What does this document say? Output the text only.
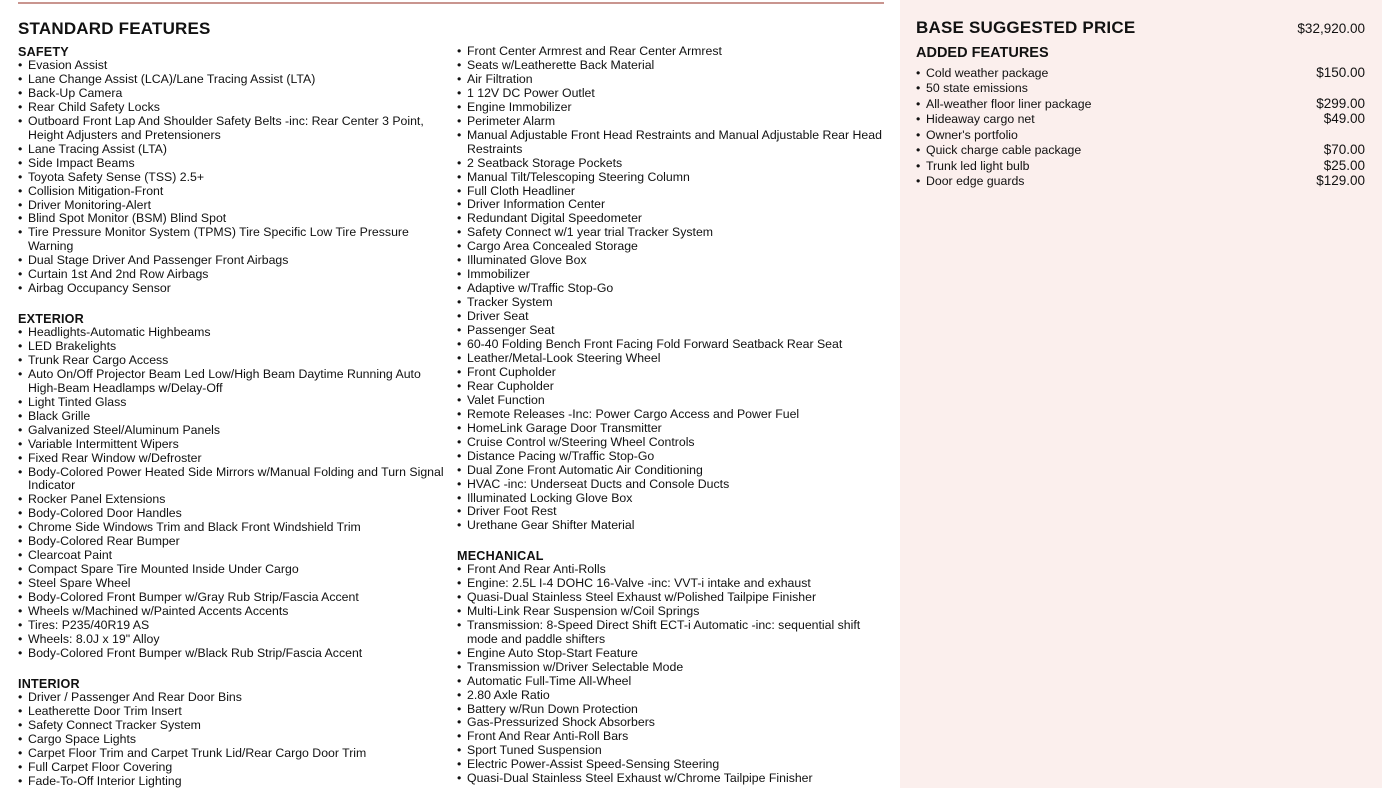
STANDARD FEATURES
SAFETY
• Evasion Assist
• Lane Change Assist (LCA)/Lane Tracing Assist (LTA)
• Back-Up Camera
• Rear Child Safety Locks
• Outboard Front Lap And Shoulder Safety Belts -inc: Rear Center 3 Point, Height Adjusters and Pretensioners
• Lane Tracing Assist (LTA)
• Side Impact Beams
• Toyota Safety Sense (TSS) 2.5+
• Collision Mitigation-Front
• Driver Monitoring-Alert
• Blind Spot Monitor (BSM) Blind Spot
• Tire Pressure Monitor System (TPMS) Tire Specific Low Tire Pressure Warning
• Dual Stage Driver And Passenger Front Airbags
• Curtain 1st And 2nd Row Airbags
• Airbag Occupancy Sensor
EXTERIOR
• Headlights-Automatic Highbeams
• LED Brakelights
• Trunk Rear Cargo Access
• Auto On/Off Projector Beam Led Low/High Beam Daytime Running Auto High-Beam Headlamps w/Delay-Off
• Light Tinted Glass
• Black Grille
• Galvanized Steel/Aluminum Panels
• Variable Intermittent Wipers
• Fixed Rear Window w/Defroster
• Body-Colored Power Heated Side Mirrors w/Manual Folding and Turn Signal Indicator
• Rocker Panel Extensions
• Body-Colored Door Handles
• Chrome Side Windows Trim and Black Front Windshield Trim
• Body-Colored Rear Bumper
• Clearcoat Paint
• Compact Spare Tire Mounted Inside Under Cargo
• Steel Spare Wheel
• Body-Colored Front Bumper w/Gray Rub Strip/Fascia Accent
• Wheels w/Machined w/Painted Accents Accents
• Tires: P235/40R19 AS
• Wheels: 8.0J x 19" Alloy
• Body-Colored Front Bumper w/Black Rub Strip/Fascia Accent
INTERIOR
• Driver / Passenger And Rear Door Bins
• Leatherette Door Trim Insert
• Safety Connect Tracker System
• Cargo Space Lights
• Carpet Floor Trim and Carpet Trunk Lid/Rear Cargo Door Trim
• Full Carpet Floor Covering
• Fade-To-Off Interior Lighting
• Front Center Armrest and Rear Center Armrest
• Seats w/Leatherette Back Material
• Air Filtration
• 1 12V DC Power Outlet
• Engine Immobilizer
• Perimeter Alarm
• Manual Adjustable Front Head Restraints and Manual Adjustable Rear Head Restraints
• 2 Seatback Storage Pockets
• Manual Tilt/Telescoping Steering Column
• Full Cloth Headliner
• Driver Information Center
• Redundant Digital Speedometer
• Safety Connect w/1 year trial Tracker System
• Cargo Area Concealed Storage
• Illuminated Glove Box
• Immobilizer
• Adaptive w/Traffic Stop-Go
• Tracker System
• Driver Seat
• Passenger Seat
• 60-40 Folding Bench Front Facing Fold Forward Seatback Rear Seat
• Leather/Metal-Look Steering Wheel
• Front Cupholder
• Rear Cupholder
• Valet Function
• Remote Releases -Inc: Power Cargo Access and Power Fuel
• HomeLink Garage Door Transmitter
• Cruise Control w/Steering Wheel Controls
• Distance Pacing w/Traffic Stop-Go
• Dual Zone Front Automatic Air Conditioning
• HVAC -inc: Underseat Ducts and Console Ducts
• Illuminated Locking Glove Box
• Driver Foot Rest
• Urethane Gear Shifter Material
MECHANICAL
• Front And Rear Anti-Rolls
• Engine: 2.5L I-4 DOHC 16-Valve -inc: VVT-i intake and exhaust
• Quasi-Dual Stainless Steel Exhaust w/Polished Tailpipe Finisher
• Multi-Link Rear Suspension w/Coil Springs
• Transmission: 8-Speed Direct Shift ECT-i Automatic -inc: sequential shift mode and paddle shifters
• Engine Auto Stop-Start Feature
• Transmission w/Driver Selectable Mode
• Automatic Full-Time All-Wheel
• 2.80 Axle Ratio
• Battery w/Run Down Protection
• Gas-Pressurized Shock Absorbers
• Front And Rear Anti-Roll Bars
• Sport Tuned Suspension
• Electric Power-Assist Speed-Sensing Steering
• Quasi-Dual Stainless Steel Exhaust w/Chrome Tailpipe Finisher
BASE SUGGESTED PRICE	$32,920.00
ADDED FEATURES
• Cold weather package	$150.00
• 50 state emissions
• All-weather floor liner package	$299.00
• Hideaway cargo net	$49.00
• Owner's portfolio
• Quick charge cable package	$70.00
• Trunk led light bulb	$25.00
• Door edge guards	$129.00
